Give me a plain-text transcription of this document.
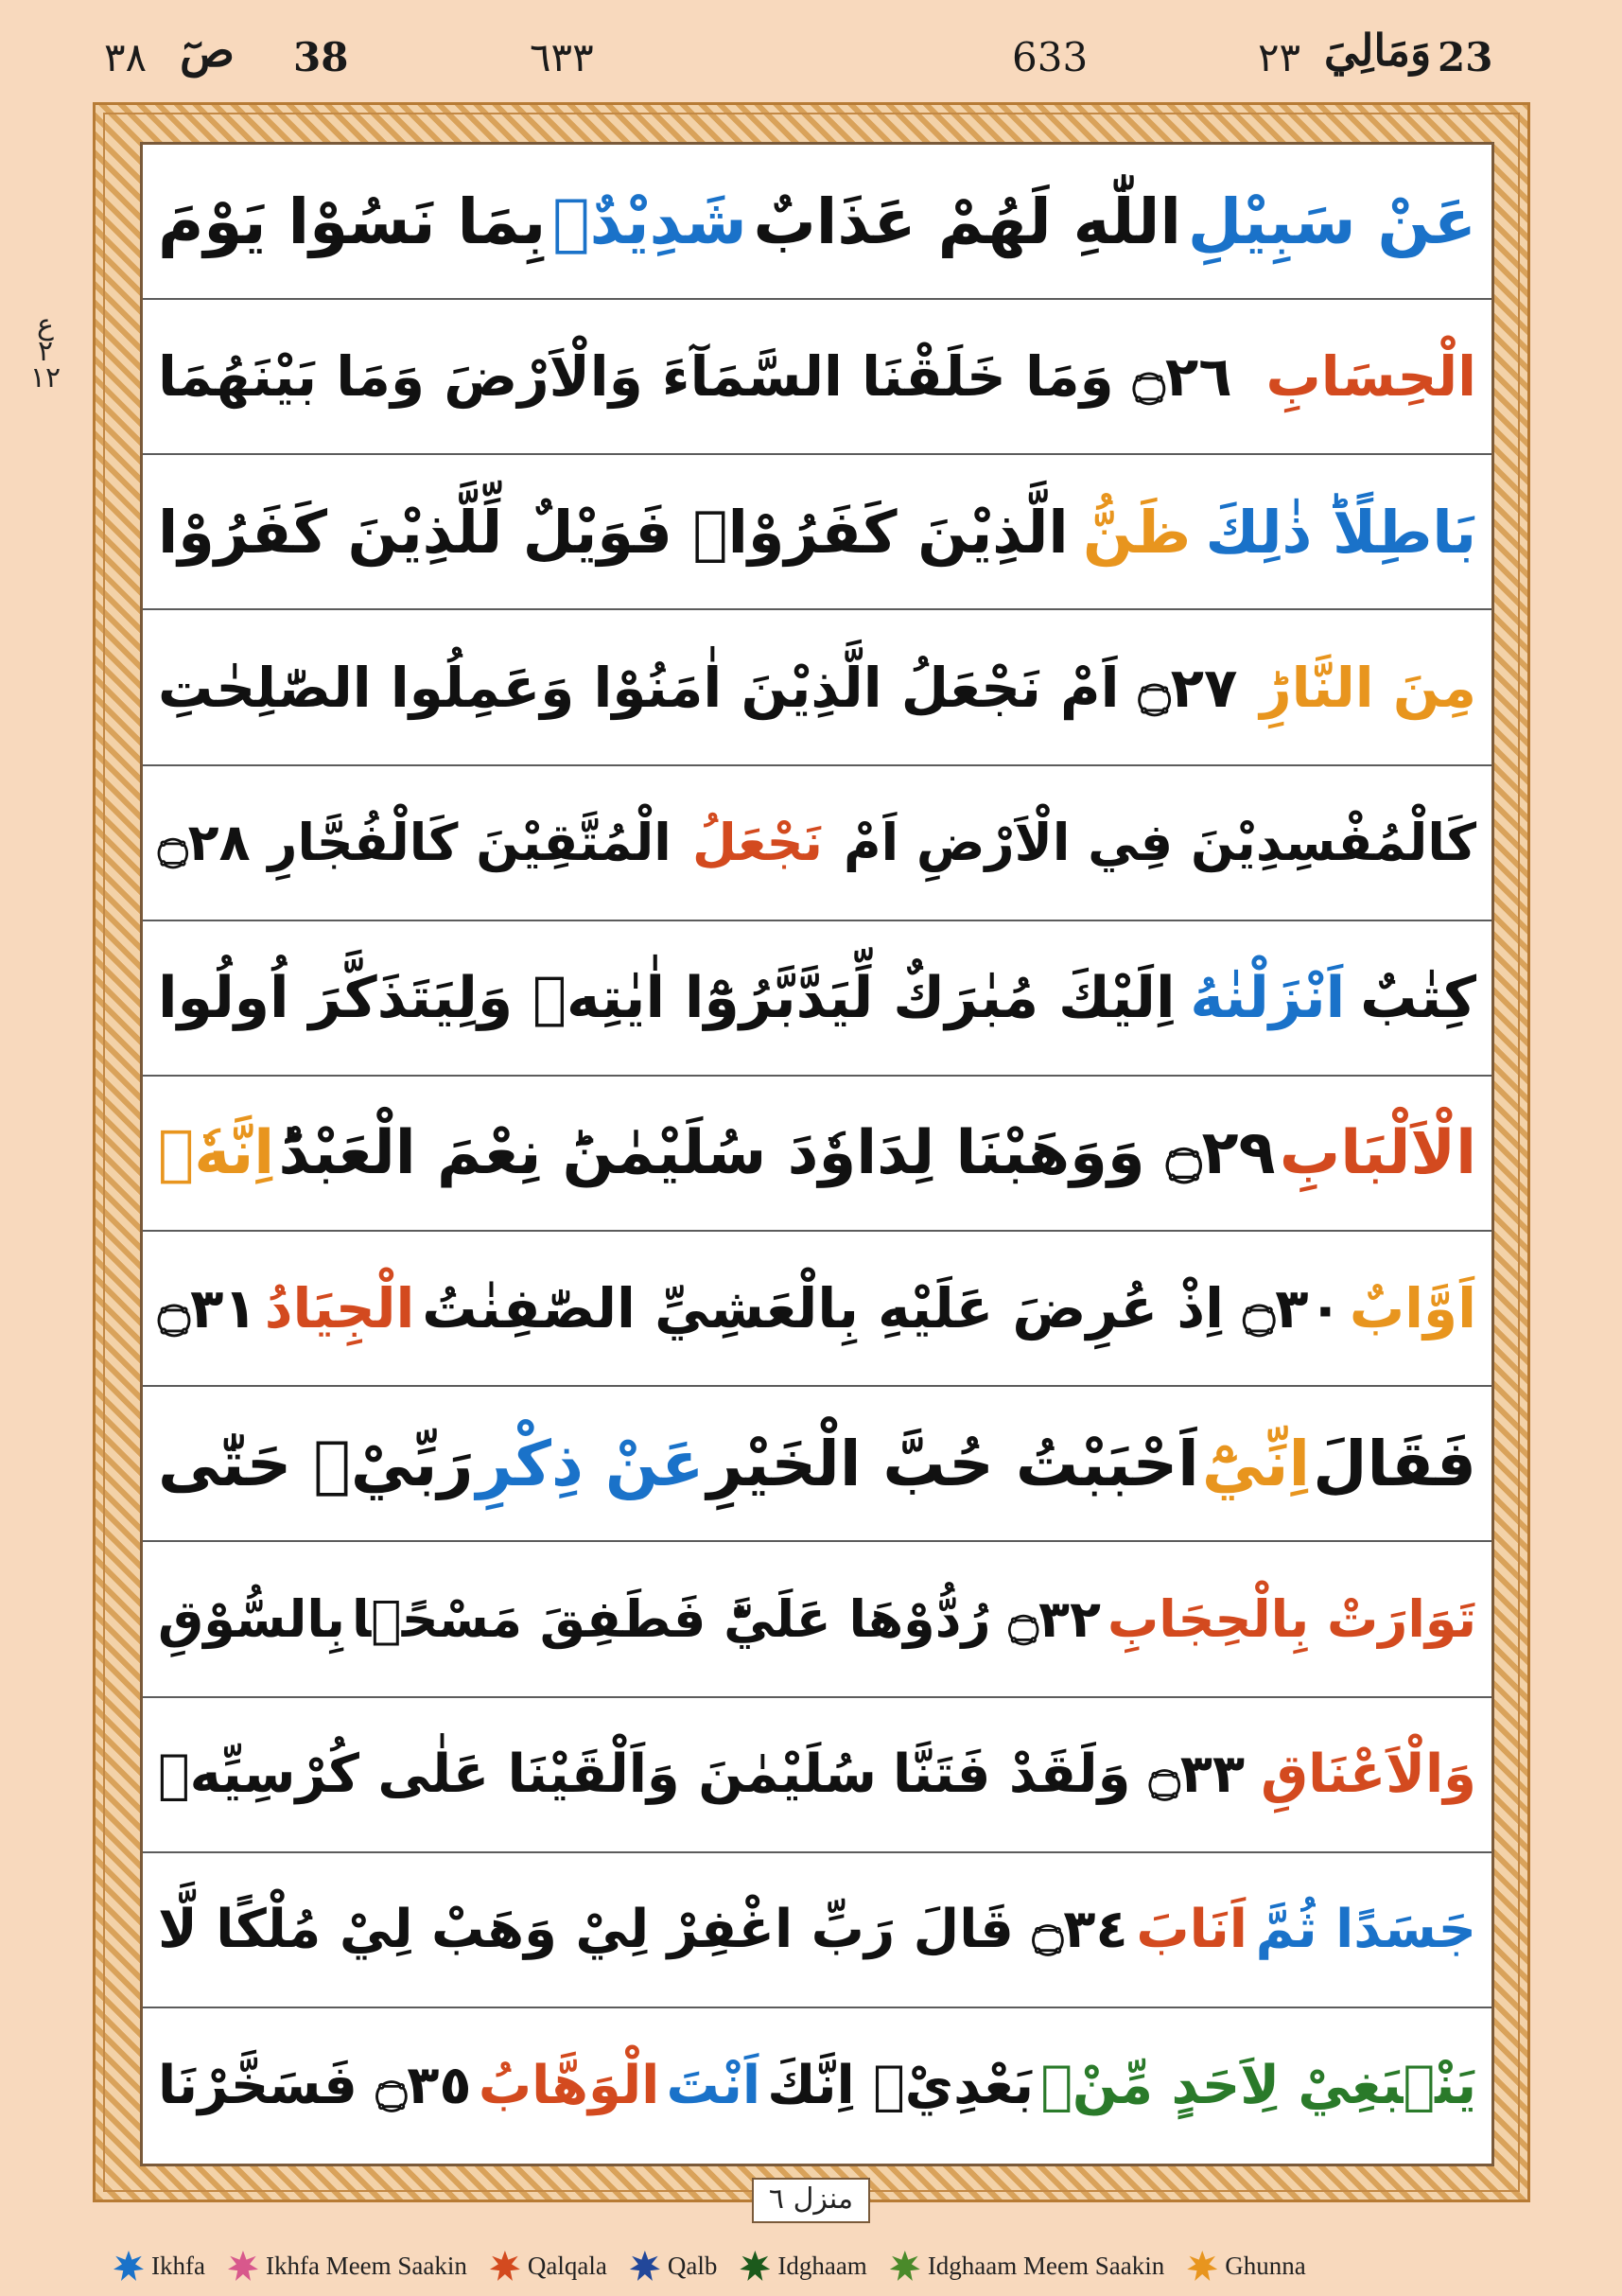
٣٨ صٓ 38	٦٣٣	633	٢٣ وَمَالِيَ 23
ع
٢
١٢
عَنْ سَبِيْلِ
اللّٰهِ لَهُمْ عَذَابٌ
شَدِيْدٌۢ
بِمَا نَسُوْا يَوْمَ
الْحِسَابِ
۝٢٦ وَمَا خَلَقْنَا السَّمَآءَ وَالْاَرْضَ وَمَا بَيْنَهُمَا
بَاطِلًاؕ ذٰلِكَ
ظَنُّ
الَّذِيْنَ كَفَرُوْاۚ فَوَيْلٌ لِّلَّذِيْنَ كَفَرُوْا
مِنَ النَّارِؕ
۝٢٧ اَمْ نَجْعَلُ الَّذِيْنَ اٰمَنُوْا وَعَمِلُوا الصّٰلِحٰتِ
كَالْمُفْسِدِيْنَ فِي الْاَرْضِ اَمْ
نَجْعَلُ
الْمُتَّقِيْنَ كَالْفُجَّارِ ۝٢٨
كِتٰبٌ
اَنْزَلْنٰهُ
اِلَيْكَ مُبٰرَكٌ لِّيَدَّبَّرُوْٓا اٰيٰتِهٖ وَلِيَتَذَكَّرَ اُولُوا
الْاَلْبَابِ
۝٢٩ وَوَهَبْنَا لِدَاوٗدَ سُلَيْمٰنَؕ نِعْمَ الْعَبْدُؕ
اِنَّهٗۤ
اَوَّابٌ
۝٣٠ اِذْ عُرِضَ عَلَيْهِ بِالْعَشِيِّ الصّٰفِنٰتُ
الْجِيَادُ
۝٣١
فَقَالَ
اِنِّيْٓ
اَحْبَبْتُ حُبَّ الْخَيْرِ
عَنْ ذِكْرِ
رَبِّيْۚ حَتّٰى
تَوَارَتْ بِالْحِجَابِ
۝٣٢ رُدُّوْهَا عَلَيَّؕ فَطَفِقَ مَسْحًۢا
بِالسُّوْقِ
وَالْاَعْنَاقِ
۝٣٣ وَلَقَدْ فَتَنَّا
سُلَيْمٰنَ وَاَلْقَيْنَا عَلٰى كُرْسِيِّهٖ
جَسَدًا ثُمَّ
اَنَابَ
۝٣٤ قَالَ رَبِّ اغْفِرْ لِيْ وَهَبْ لِيْ مُلْكًا لَّا
يَنْۢبَغِيْ لِاَحَدٍ مِّنْۢ
بَعْدِيْۚ اِنَّكَ
اَنْتَ
الْوَهَّابُ
۝٣٥ فَسَخَّرْنَا
منزل ٦
Ikhfa Ikhfa Meem Saakin Qalqala Qalb Idghaam Idghaam Meem Saakin Ghunna
